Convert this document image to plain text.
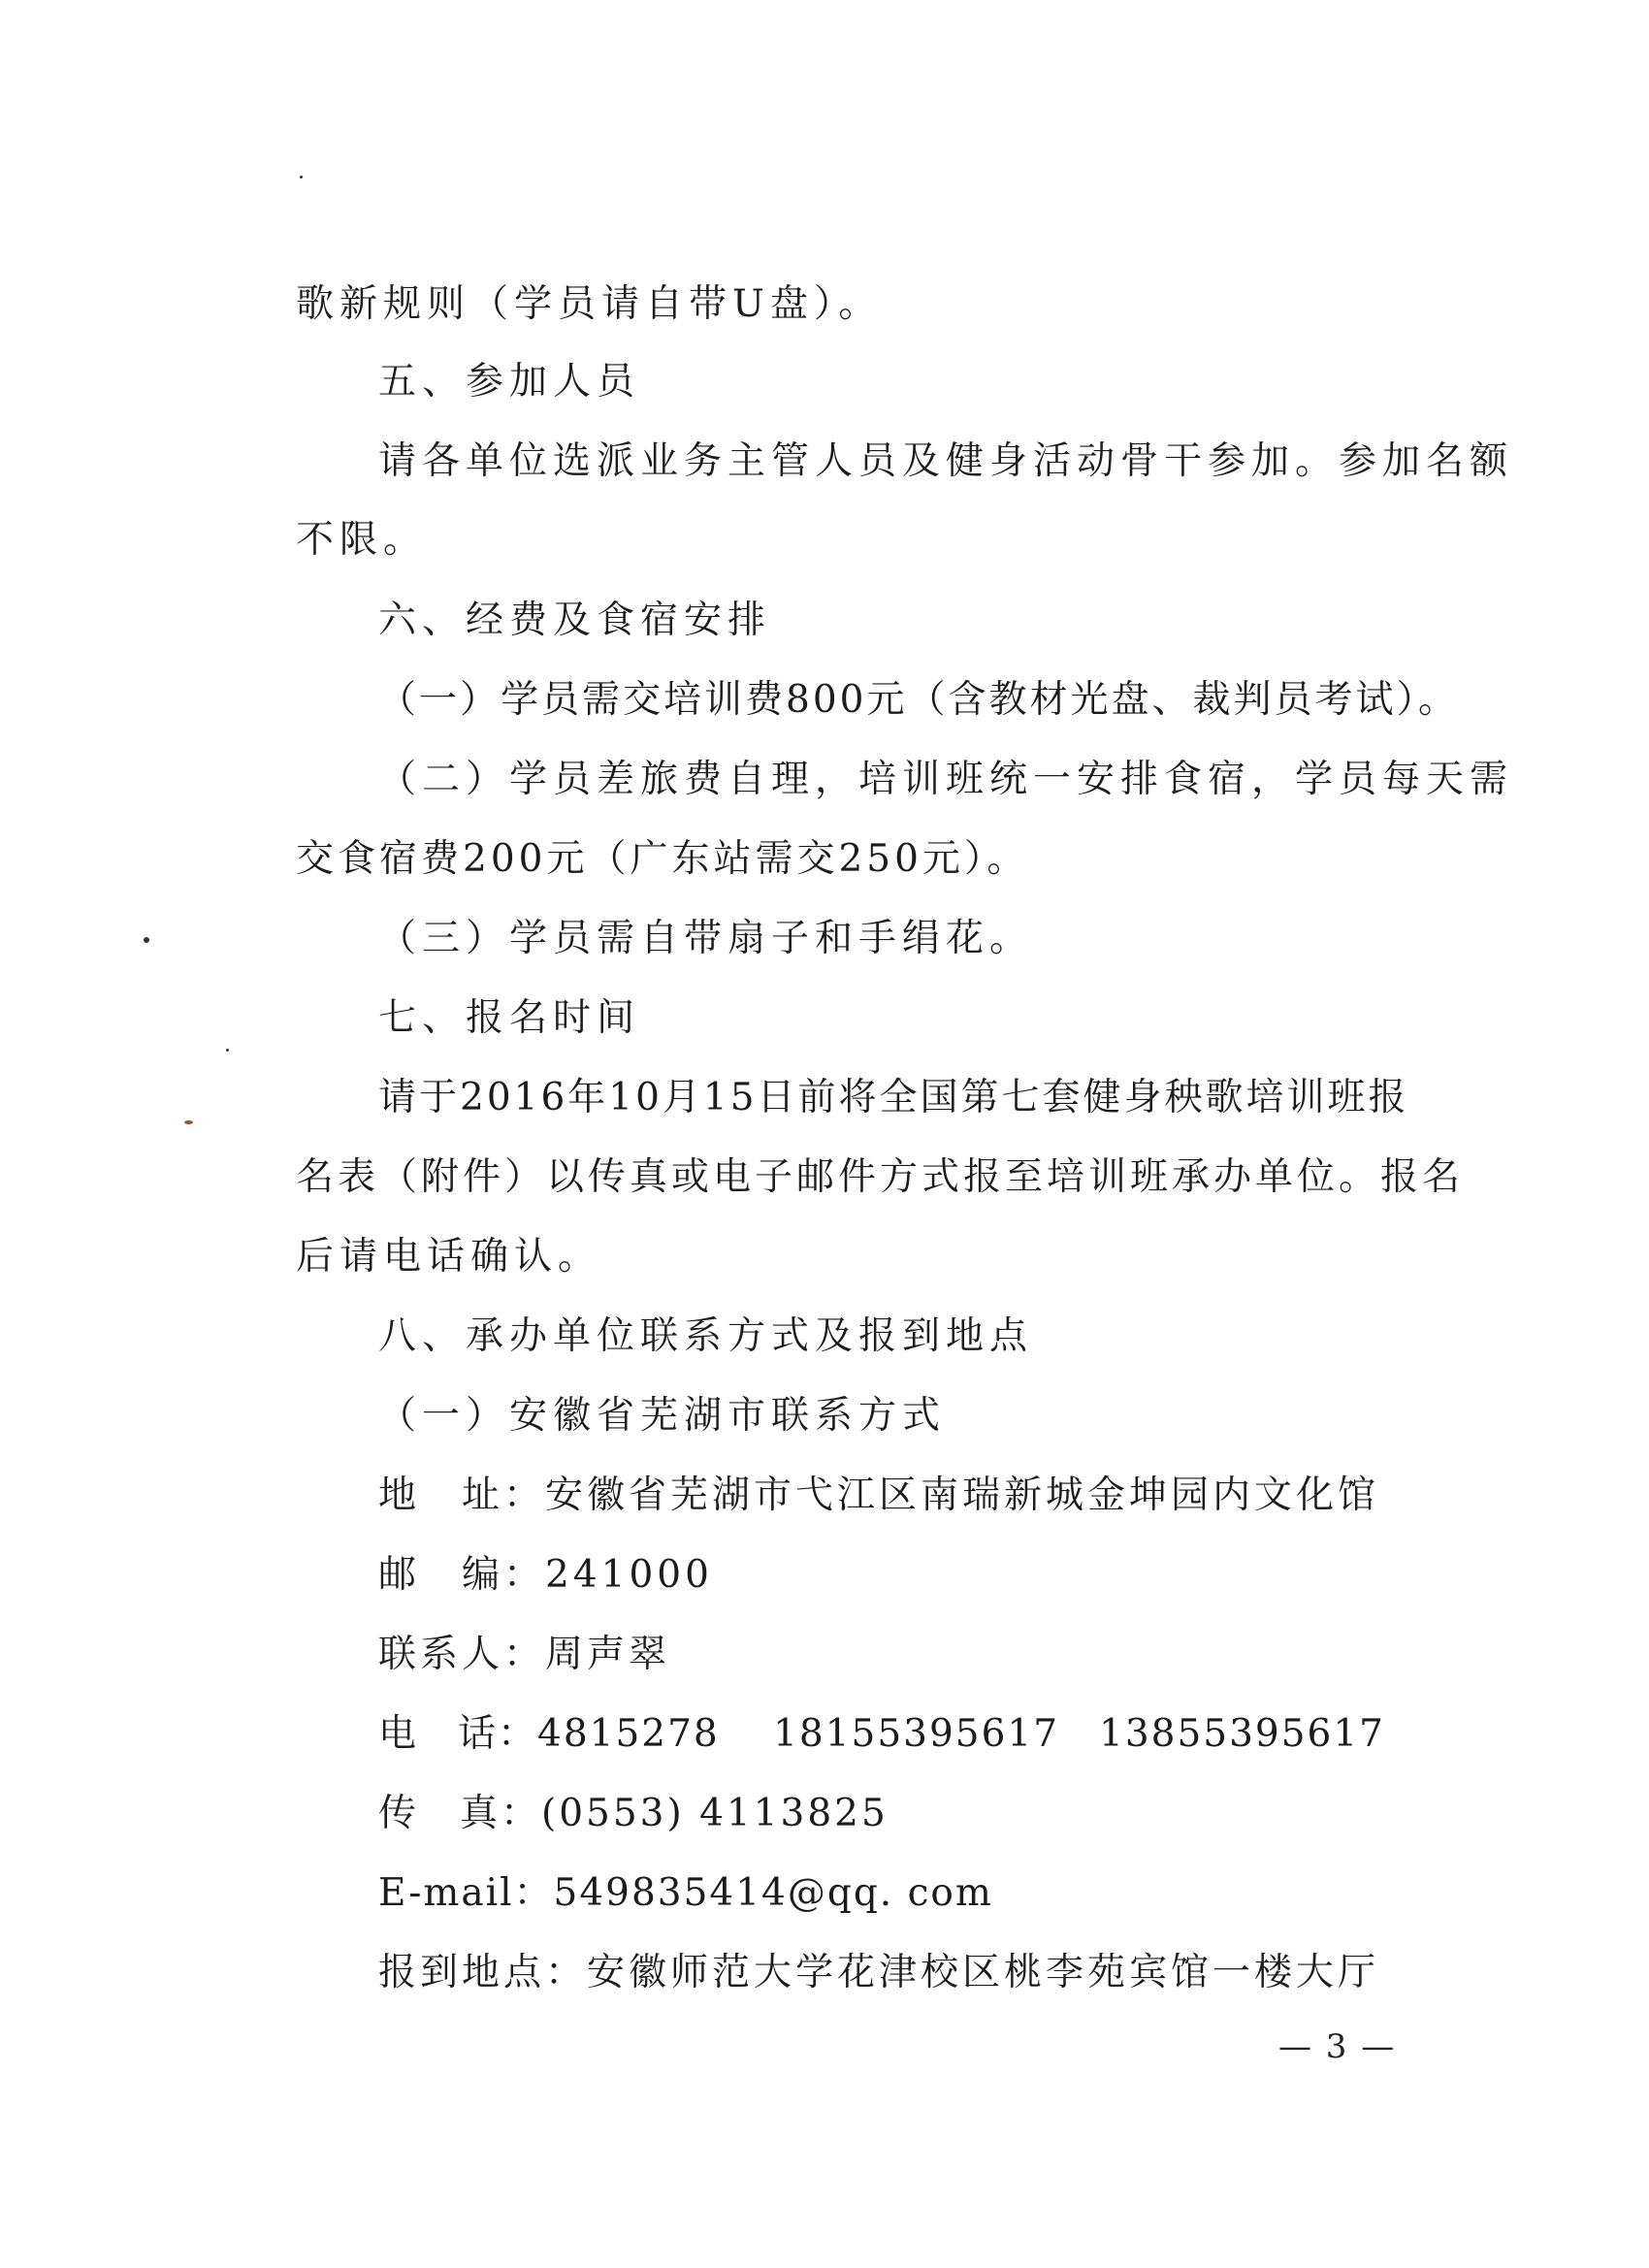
歌新规则（学员请自带U盘）。
五、参加人员
请各单位选派业务主管人员及健身活动骨干参加。参加名额
不限。
六、经费及食宿安排
（一）学员需交培训费800元（含教材光盘、裁判员考试）。
（二）学员差旅费自理，培训班统一安排食宿，学员每天需
交食宿费200元（广东站需交250元）。
（三）学员需自带扇子和手绢花。
七、报名时间
请于2016年10月15日前将全国第七套健身秧歌培训班报
名表（附件）以传真或电子邮件方式报至培训班承办单位。报名
后请电话确认。
八、承办单位联系方式及报到地点
（一）安徽省芜湖市联系方式
地　址：安徽省芜湖市弋江区南瑞新城金坤园内文化馆
邮　编：241000
联系人：周声翠
电　话：4815278　 18155395617　13855395617
传　真：(0553) 4113825
E-mail：549835414@qq. com
报到地点：安徽师范大学花津校区桃李苑宾馆一楼大厅
— 3 —
